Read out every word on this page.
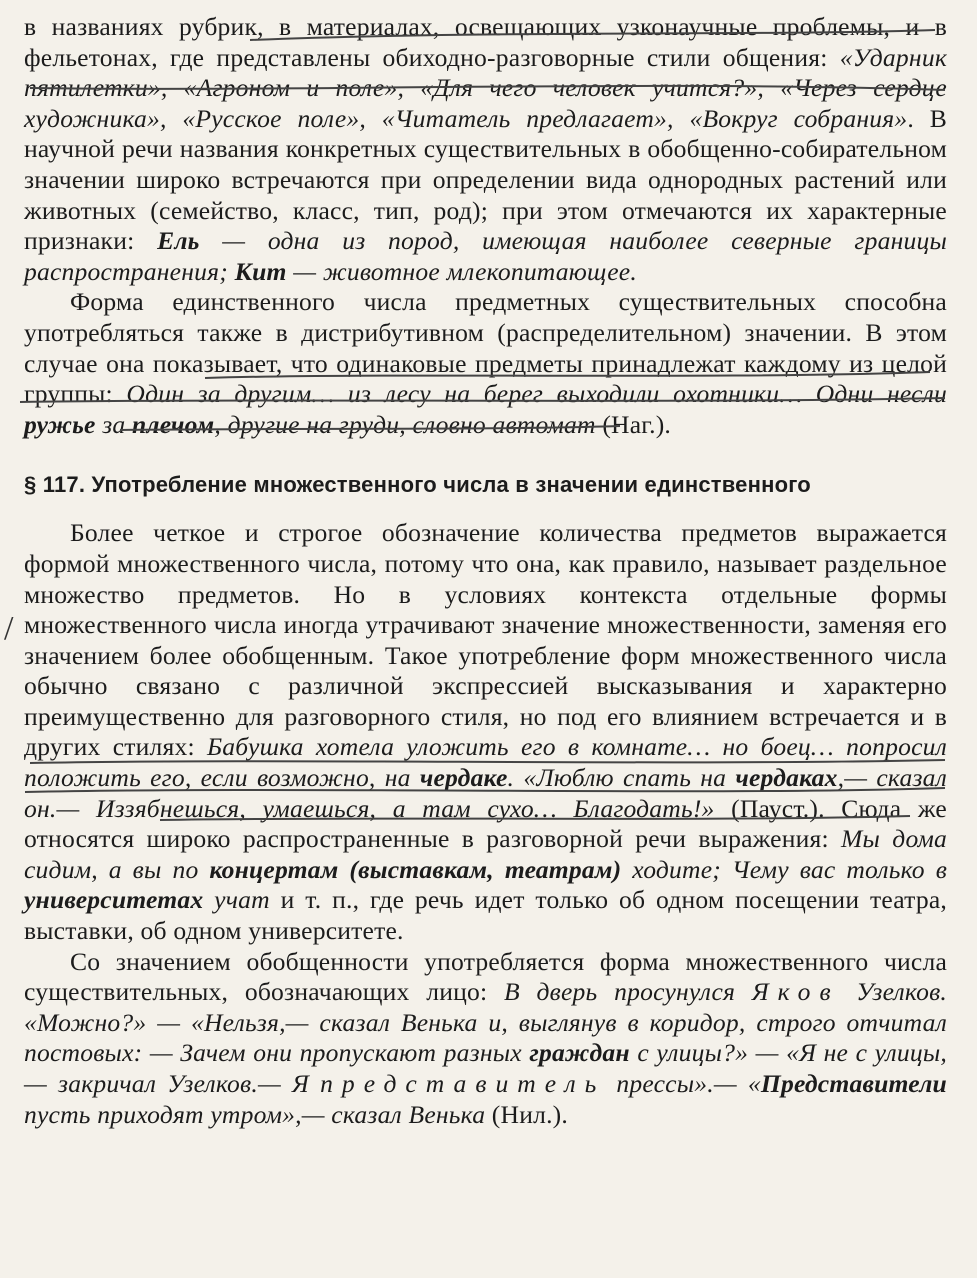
/

в названиях рубрик, в материалах, освещающих узконаучные проблемы, и в фельетонах, где представлены обиходно-разговорные стили общения: «Ударник пятилетки», «Агроном и поле», «Для чего человек учится?», «Через сердце художника», «Русское поле», «Читатель предлагает», «Вокруг собрания». В научной речи названия конкретных существительных в обобщенно-собирательном значении широко встречаются при определении вида однородных растений или животных (семейство, класс, тип, род); при этом отмечаются их характерные признаки: Ель — одна из пород, имеющая наиболее северные границы распространения; Кит — животное млекопитающее.

Форма единственного числа предметных существительных способна употребляться также в дистрибутивном (распределительном) значении. В этом случае она показывает, что одинаковые предметы принадлежат каждому из целой группы: Один за другим… из лесу на берег выходили охотники… Одни несли ружье за плечом, другие на груди, словно автомат (Наг.).

§ 117. Употребление множественного числа в значении единственного

Более четкое и строгое обозначение количества предметов выражается формой множественного числа, потому что она, как правило, называет раздельное множество предметов. Но в условиях контекста отдельные формы множественного числа иногда утрачивают значение множественности, заменяя его значением более обобщенным. Такое употребление форм множественного числа обычно связано с различной экспрессией высказывания и характерно преимущественно для разговорного стиля, но под его влиянием встречается и в других стилях: Бабушка хотела уложить его в комнате… но боец… попросил положить его, если возможно, на чердаке. «Люблю спать на чердаках,— сказал он.— Иззябнешься, умаешься, а там сухо… Благодать!» (Пауст.). Сюда же относятся широко распространенные в разговорной речи выражения: Мы дома сидим, а вы по концертам (выставкам, театрам) ходите; Чему вас только в университетах учат и т. п., где речь идет только об одном посещении театра, выставки, об одном университете.

Со значением обобщенности употребляется форма множественного числа существительных, обозначающих лицо: В дверь просунулся Яков Узелков. «Можно?» — «Нельзя,— сказал Венька и, выглянув в коридор, строго отчитал постовых: — Зачем они пропускают разных граждан с улицы?» — «Я не с улицы,— закричал Узелков.— Я представитель прессы».— «Представители пусть приходят утром»,— сказал Венька (Нил.).
